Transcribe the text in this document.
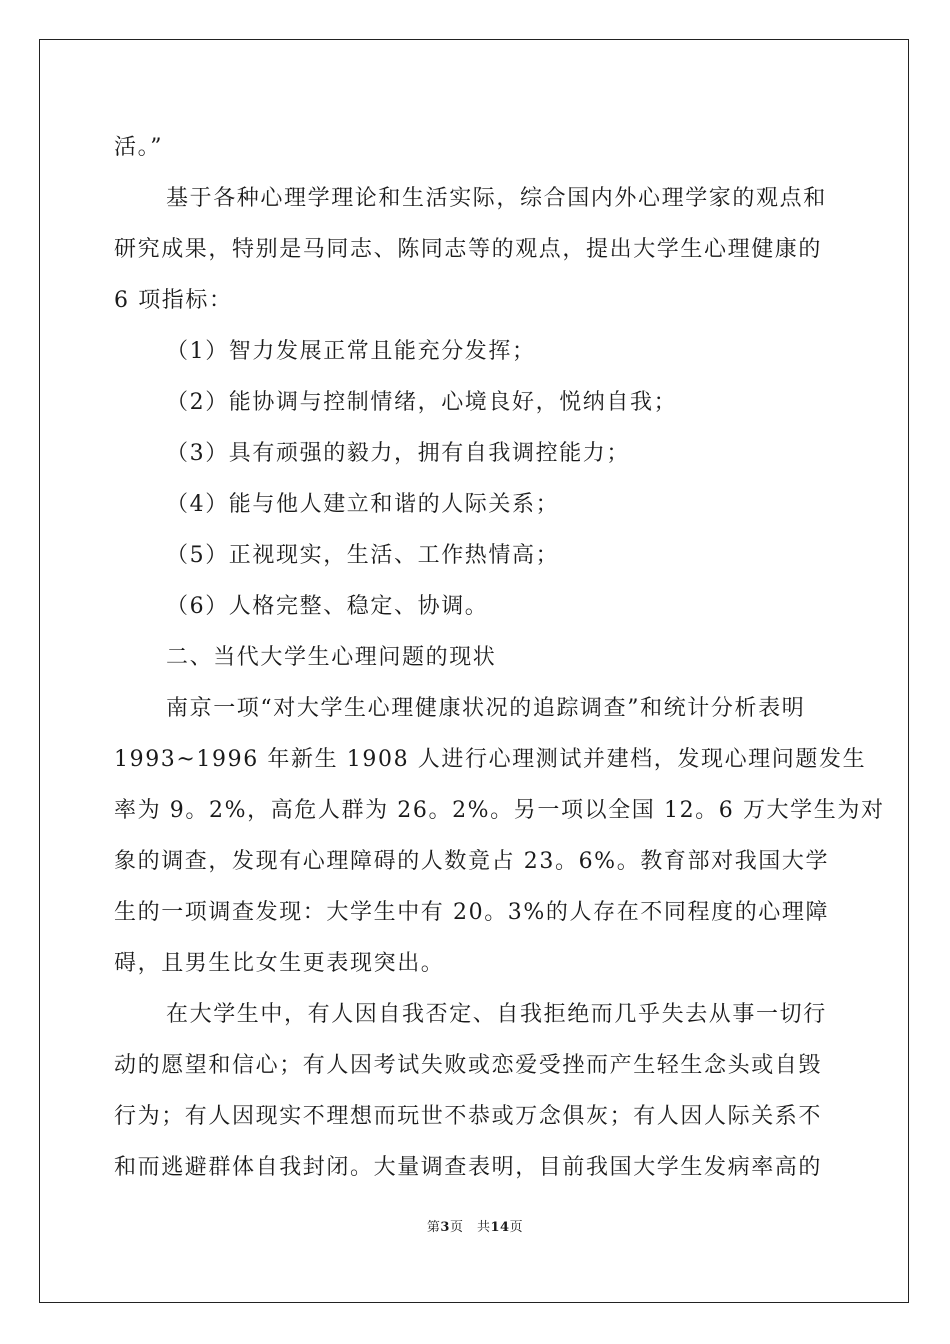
活。”
基于各种心理学理论和生活实际，综合国内外心理学家的观点和
研究成果，特别是马同志、陈同志等的观点，提出大学生心理健康的
6 项指标：
（1）智力发展正常且能充分发挥；
（2）能协调与控制情绪，心境良好，悦纳自我；
（3）具有顽强的毅力，拥有自我调控能力；
（4）能与他人建立和谐的人际关系；
（5）正视现实，生活、工作热情高；
（6）人格完整、稳定、协调。
二、当代大学生心理问题的现状
南京一项“对大学生心理健康状况的追踪调查”和统计分析表明
1993~1996 年新生 1908 人进行心理测试并建档，发现心理问题发生
率为 9。2%，高危人群为 26。2%。另一项以全国 12。6 万大学生为对
象的调查，发现有心理障碍的人数竟占 23。6%。教育部对我国大学
生的一项调查发现：大学生中有 20。3%的人存在不同程度的心理障
碍，且男生比女生更表现突出。
在大学生中，有人因自我否定、自我拒绝而几乎失去从事一切行
动的愿望和信心；有人因考试失败或恋爱受挫而产生轻生念头或自毁
行为；有人因现实不理想而玩世不恭或万念俱灰；有人因人际关系不
和而逃避群体自我封闭。大量调查表明，目前我国大学生发病率高的
第3页　共14页
